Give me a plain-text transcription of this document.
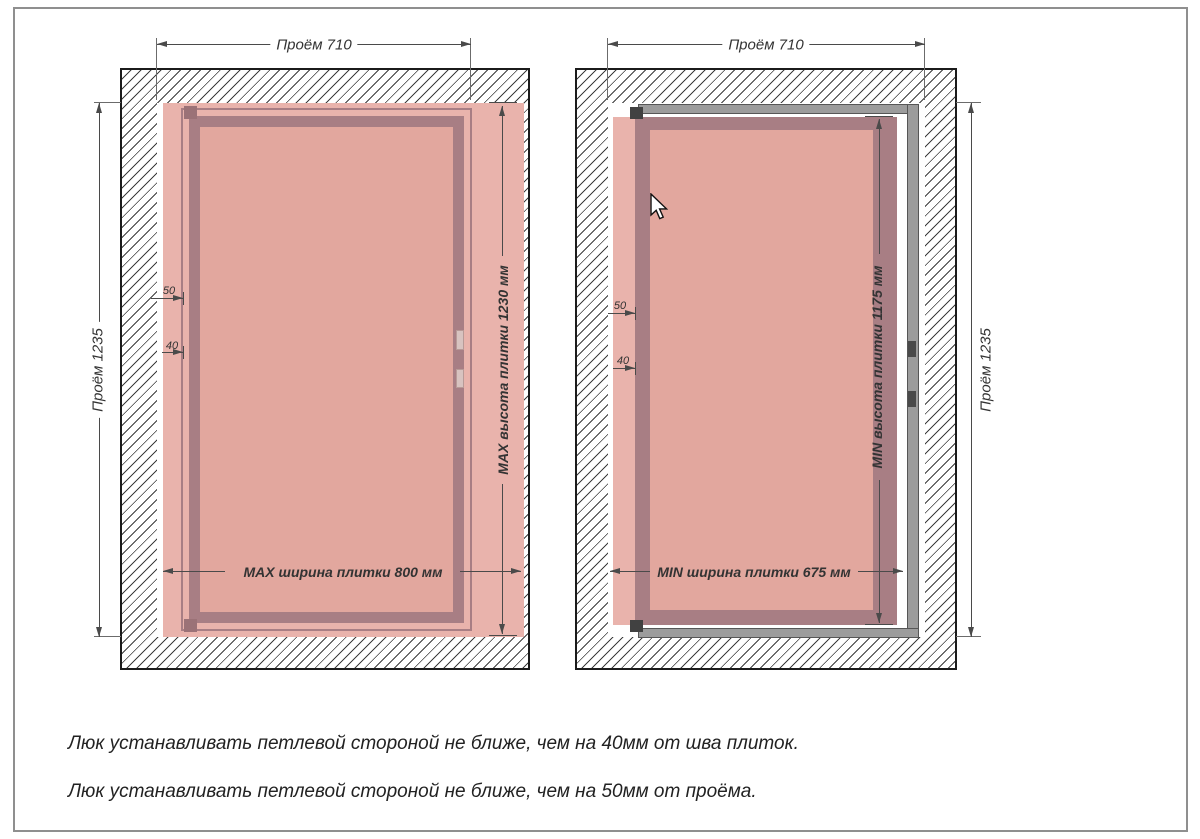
Проём 710
Проём 1235	MAX высота плитки 1230 мм
MAX ширина плитки 800 мм
50
40
Проём 710
Проём 1235
MIN высота плитки 1175 мм
MIN ширина плитки 675 мм
50
40
Люк устанавливать петлевой стороной не ближе, чем на 40мм от шва плиток.
Люк устанавливать петлевой стороной не ближе, чем на 50мм от проёма.
